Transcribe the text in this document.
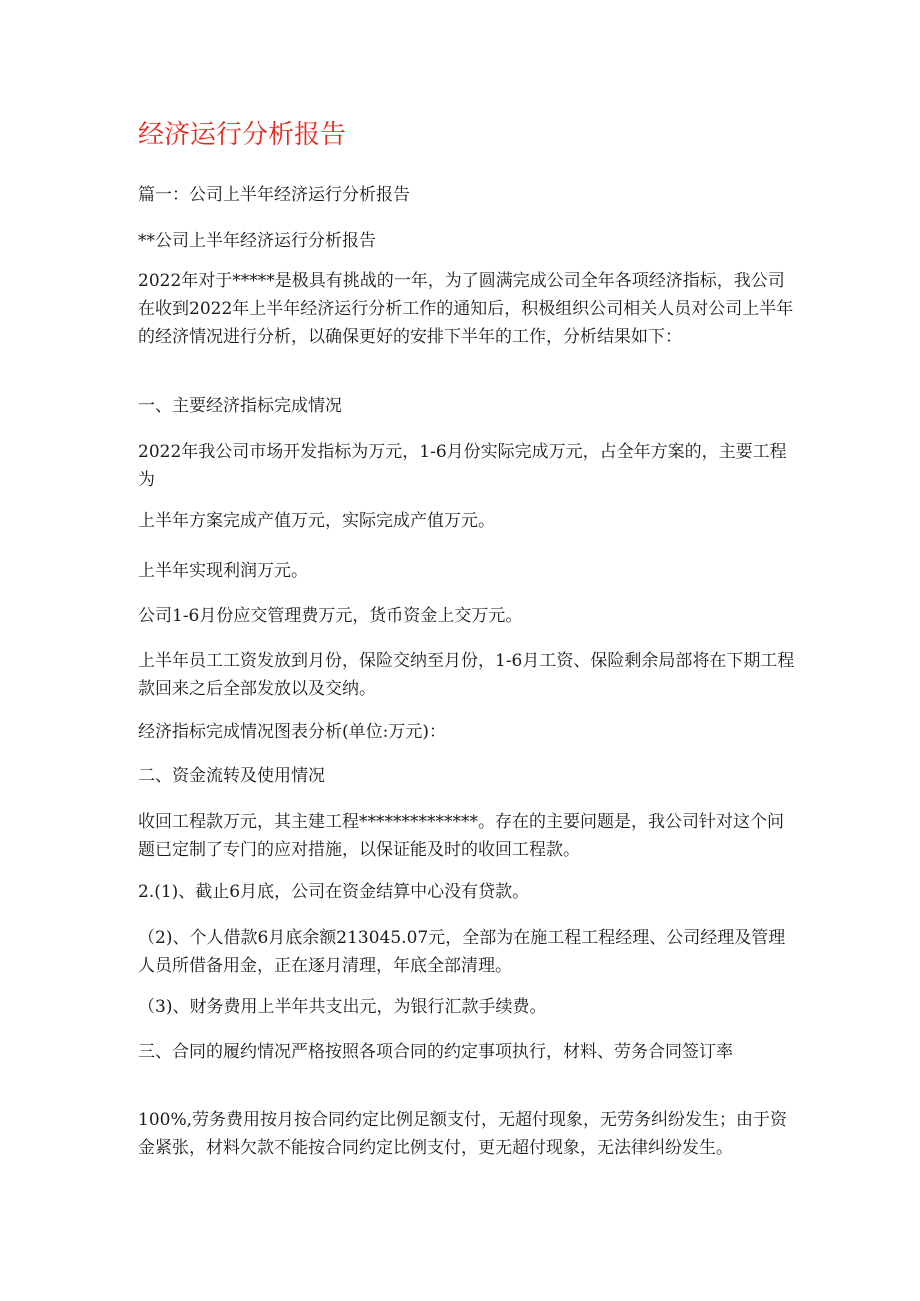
经济运行分析报告

篇一：公司上半年经济运行分析报告

**公司上半年经济运行分析报告

2022年对于*****是极具有挑战的一年，为了圆满完成公司全年各项经济指标，我公司在收到2022年上半年经济运行分析工作的通知后，积极组织公司相关人员对公司上半年的经济情况进行分析，以确保更好的安排下半年的工作，分析结果如下：

一、主要经济指标完成情况

2022年我公司市场开发指标为万元，1-6月份实际完成万元，占全年方案的，主要工程为

上半年方案完成产值万元，实际完成产值万元。

上半年实现利润万元。

公司1-6月份应交管理费万元，货币资金上交万元。

上半年员工工资发放到月份，保险交纳至月份，1-6月工资、保险剩余局部将在下期工程款回来之后全部发放以及交纳。

经济指标完成情况图表分析(单位:万元)：

二、资金流转及使用情况

收回工程款万元，其主建工程**************。存在的主要问题是，我公司针对这个问题已定制了专门的应对措施，以保证能及时的收回工程款。

2.(1)、截止6月底，公司在资金结算中心没有贷款。

（2)、个人借款6月底余额213045.07元，全部为在施工程工程经理、公司经理及管理人员所借备用金，正在逐月清理，年底全部清理。

（3)、财务费用上半年共支出元，为银行汇款手续费。

三、合同的履约情况严格按照各项合同的约定事项执行，材料、劳务合同签订率

100%,劳务费用按月按合同约定比例足额支付，无超付现象，无劳务纠纷发生；由于资金紧张，材料欠款不能按合同约定比例支付，更无超付现象，无法律纠纷发生。
